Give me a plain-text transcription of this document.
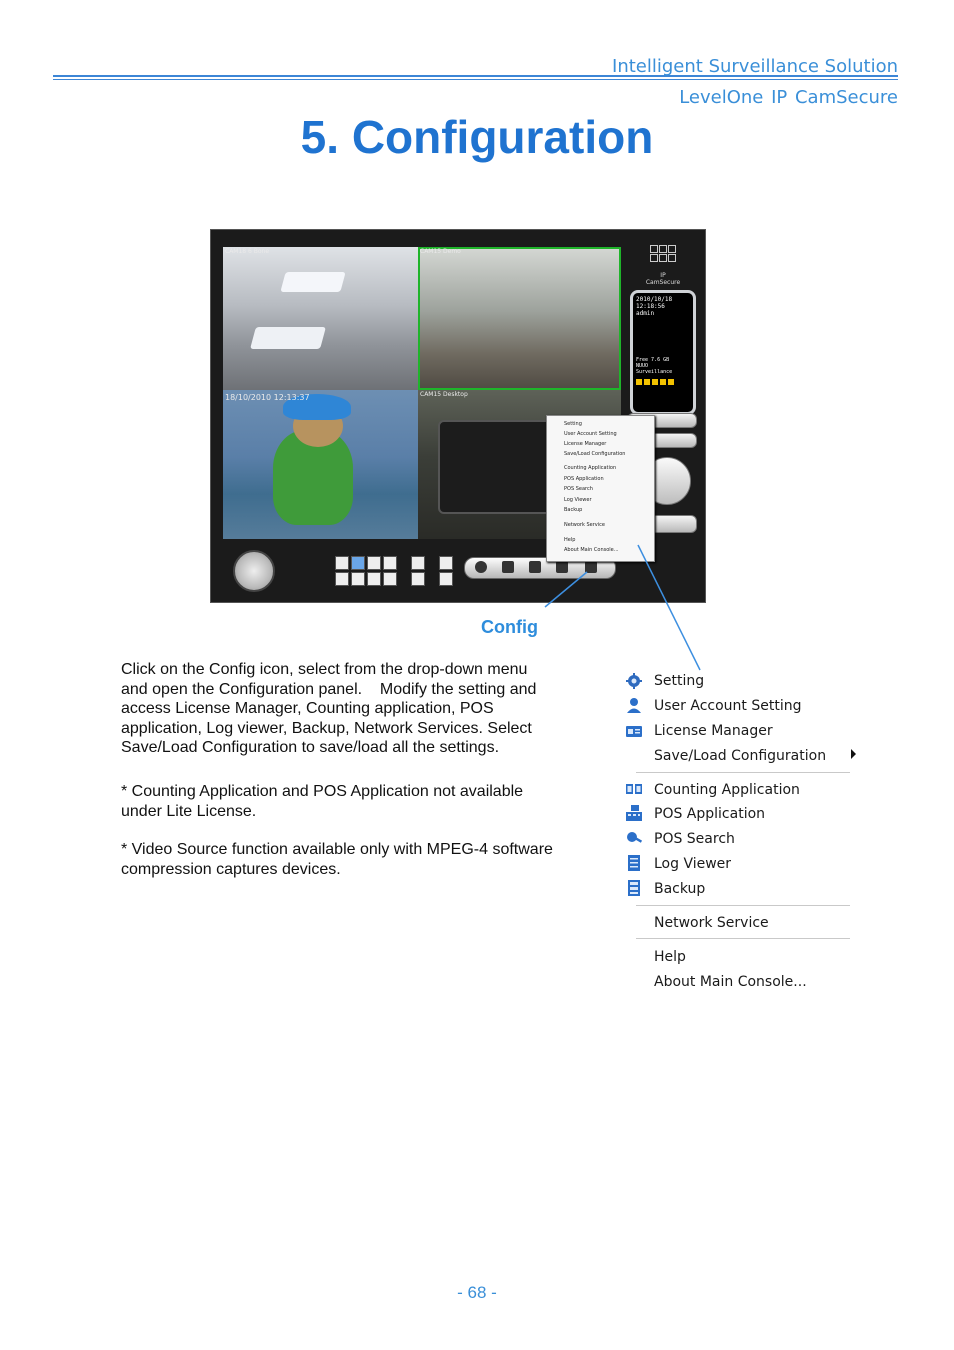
Intelligent Surveillance Solution
LevelOne IP CamSecure
5. Configuration
CAM18 6 Bone	CAM15 Demo
18/10/2010 12:13:37	CAM15 Desktop
IP CamSecure
2010/10/18
12:18:56
admin
Free 7.6 GB
NUUO
Surveillance
Setting
User Account Setting
License Manager
Save/Load Configuration
Counting Application
POS Application
POS Search
Log Viewer
Backup
Network Service
Help
About Main Console...
Config
Click on the Config icon, select from the drop-down menu
and open the Configuration panel.    Modify the setting and
access License Manager, Counting application, POS
application, Log viewer, Backup, Network Services. Select
Save/Load Configuration to save/load all the settings.
* Counting Application and POS Application not available
under Lite License.
* Video Source function available only with MPEG-4 software
compression captures devices.
Setting
User Account Setting
License Manager
Save/Load Configuration
Counting Application
POS Application
POS Search
Log Viewer
Backup
Network Service
Help
About Main Console...
- 68 -
